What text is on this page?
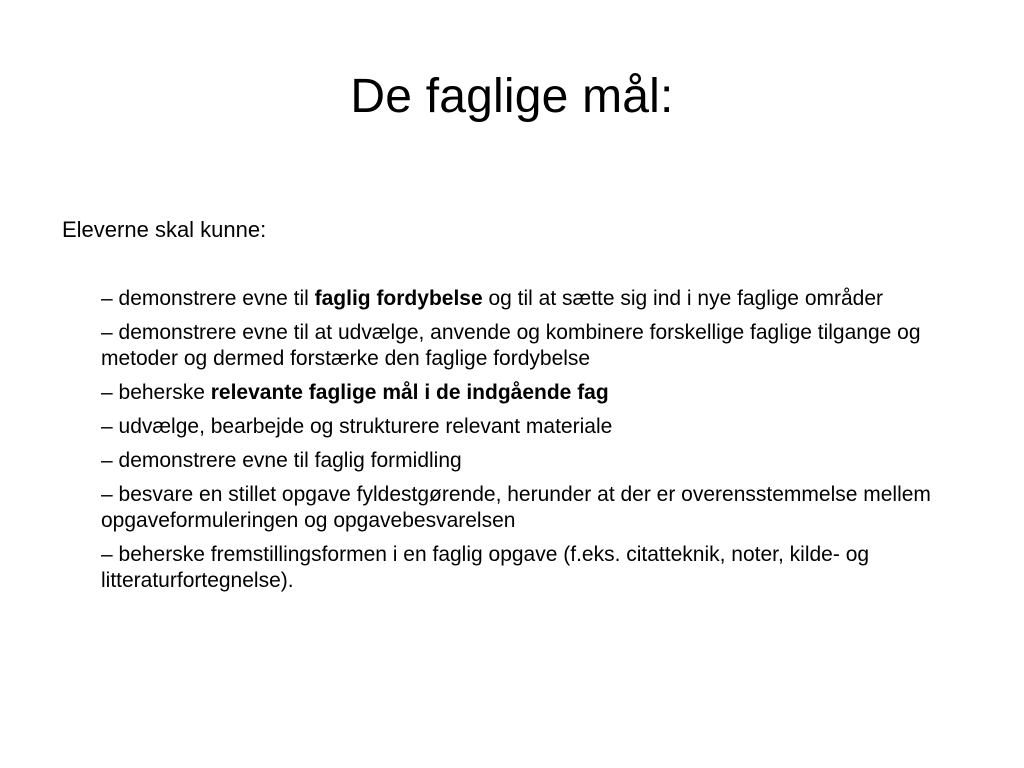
De faglige mål:
Eleverne skal kunne:
– demonstrere evne til faglig fordybelse og til at sætte sig ind i nye faglige områder
– demonstrere evne til at udvælge, anvende og kombinere forskellige faglige tilgange og metoder og dermed forstærke den faglige fordybelse
– beherske relevante faglige mål i de indgående fag
– udvælge, bearbejde og strukturere relevant materiale
– demonstrere evne til faglig formidling
– besvare en stillet opgave fyldestgørende, herunder at der er overensstemmelse mellem opgaveformuleringen og opgavebesvarelsen
– beherske fremstillingsformen i en faglig opgave (f.eks. citatteknik, noter, kilde- og litteraturfortegnelse).
